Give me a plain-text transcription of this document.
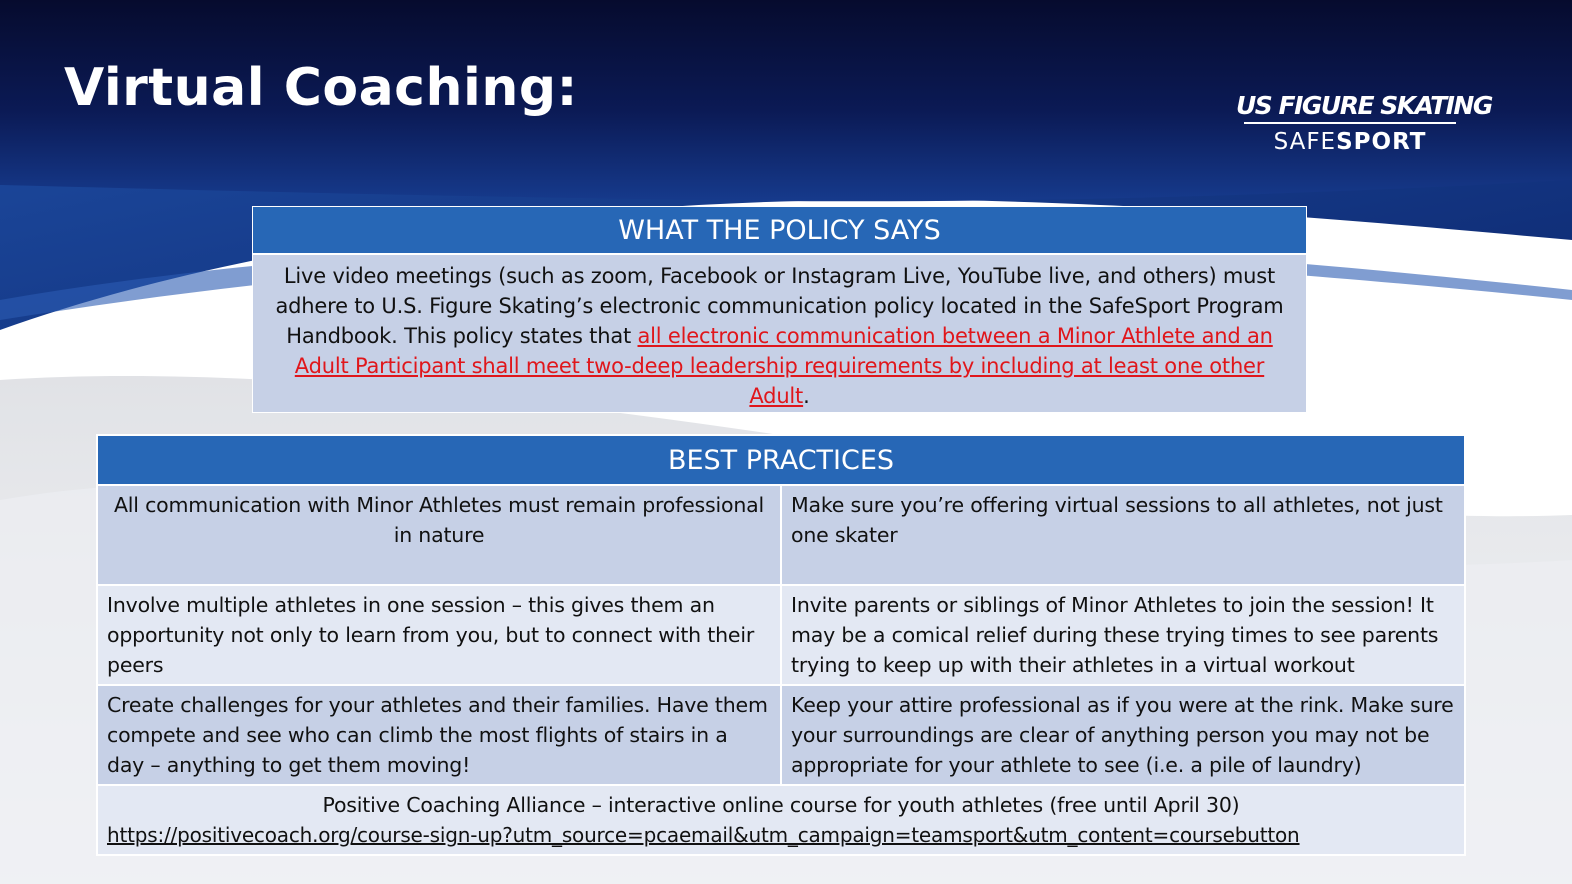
Virtual Coaching:	US FIGURE SKATING
SAFESPORT
WHAT THE POLICY SAYS
Live video meetings (such as zoom, Facebook or Instagram Live, YouTube live, and others) must adhere to U.S. Figure Skating’s electronic communication policy located in the SafeSport Program Handbook. This policy states that all electronic communication between a Minor Athlete and an Adult Participant shall meet two-deep leadership requirements by including at least one other Adult.
BEST PRACTICES	
All communication with Minor Athletes must remain professional in nature	Make sure you’re offering virtual sessions to all athletes, not just one skater
Involve multiple athletes in one session – this gives them an opportunity not only to learn from you, but to connect with their peers	Invite parents or siblings of Minor Athletes to join the session! It may be a comical relief during these trying times to see parents trying to keep up with their athletes in a virtual workout
Create challenges for your athletes and their families. Have them compete and see who can climb the most flights of stairs in a day – anything to get them moving!	Keep your attire professional as if you were at the rink. Make sure your surroundings are clear of anything person you may not be appropriate for your athlete to see (i.e. a pile of laundry)

Positive Coaching Alliance – interactive online course for youth athletes (free until April 30)
https://positivecoach.org/course-sign-up?utm_source=pcaemail&utm_campaign=teamsport&utm_content=coursebutton	
